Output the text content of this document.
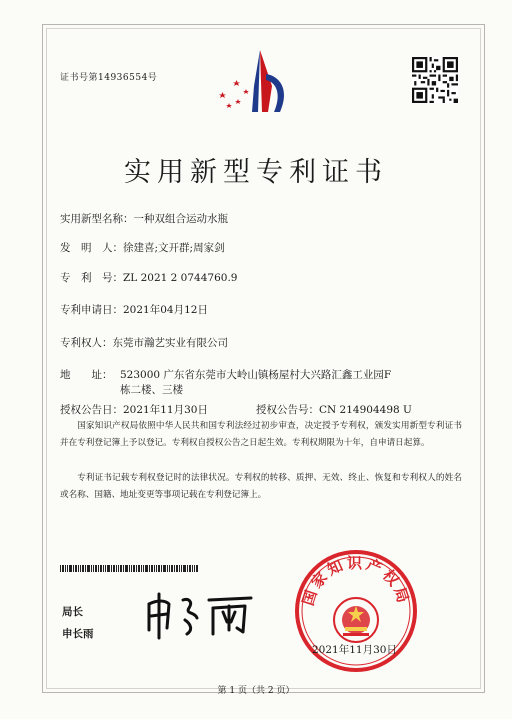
证书号第14936554号
实用新型专利证书
实用新型名称：一种双组合运动水瓶
发　明　人：徐建喜;文开群;周家剑
专　利　号：ZL 2021 2 0744760.9
专利申请日：2021年04月12日
专利权人：东莞市瀚艺实业有限公司
地　　址： 523000 广东省东莞市大岭山镇杨屋村大兴路汇鑫工业园F
栋二楼、三楼
授权公告日：2021年11月30日	授权公告号：CN 214904498 U
国家知识产权局依照中华人民共和国专利法经过初步审查，决定授予专利权，颁发实用新型专利证书并在专利登记簿上予以登记。专利权自授权公告之日起生效。专利权期限为十年，自申请日起算。
专利证书记载专利权登记时的法律状况。专利权的转移、质押、无效、终止、恢复和专利权人的姓名或名称、国籍、地址变更等事项记载在专利登记簿上。
局长
申长雨
国家知识产权局
2021年11月30日
第 1 页（共 2 页）
